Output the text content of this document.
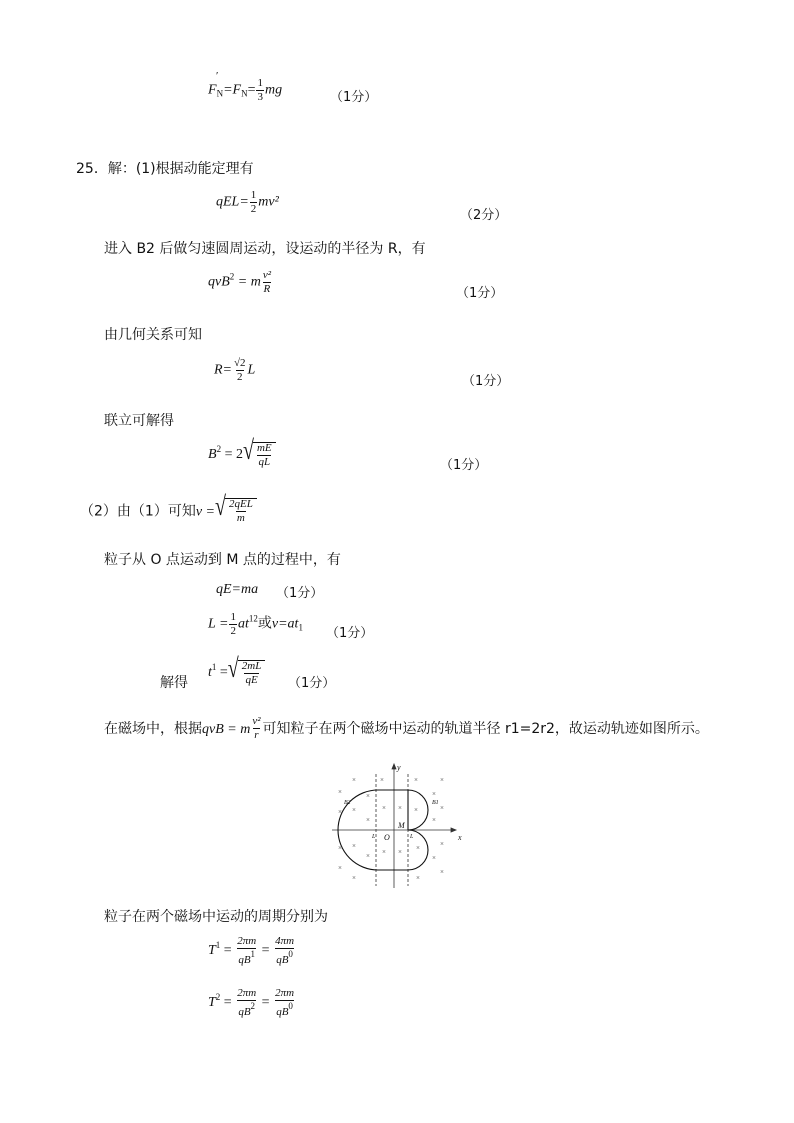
$F_N=F_N= \frac{1}{3}$ mg
′
（1分）
25．解：(1)根据动能定理有
$qEL= \frac{1}{2} mv^2$
（2分）
进入 B2 后做匀速圆周运动，设运动的半径为 R，有
qvB$^2$ = m $\frac{\text{v²}}{R}$	（1分）
由几何关系可知
$R= \frac{√2}{2}$ L
（1分）
联立可解得
$B^2 = 2$ √ $\frac{mE}{qL}$	（1分）
（2）由（1）可知v = √ $\frac{\text{2qEL}}{m}$
粒子从 O 点运动到 M 点的过程中，有
qE=ma （1分）
$L = \frac{1}{2} at^{12}$或$v=at_1$ （1分）
解得
$t^1$ = √ $\frac{2mL}{qE} (1$分）
在磁场中，根据qvB = m $\frac{\text{v²}}{r}$ 可知粒子在两个磁场中运动的轨道半径 r1=2r2，故运动轨迹如图所示。
×
×
×
×
×
×
×
×
×
×
×
×
×
×
×
×
×
×
×
×
×
×
×
×
×
×
×
x
y
O
M
B1
B2
L	L
粒子在两个磁场中运动的周期分别为
$T^1 = \frac{2\pi m}{qB^1} = \frac{4\pi m}{qB^0}$
$T^2 = \frac{2\pi m}{qB^2} = \frac{2\pi m}{qB^0}$
